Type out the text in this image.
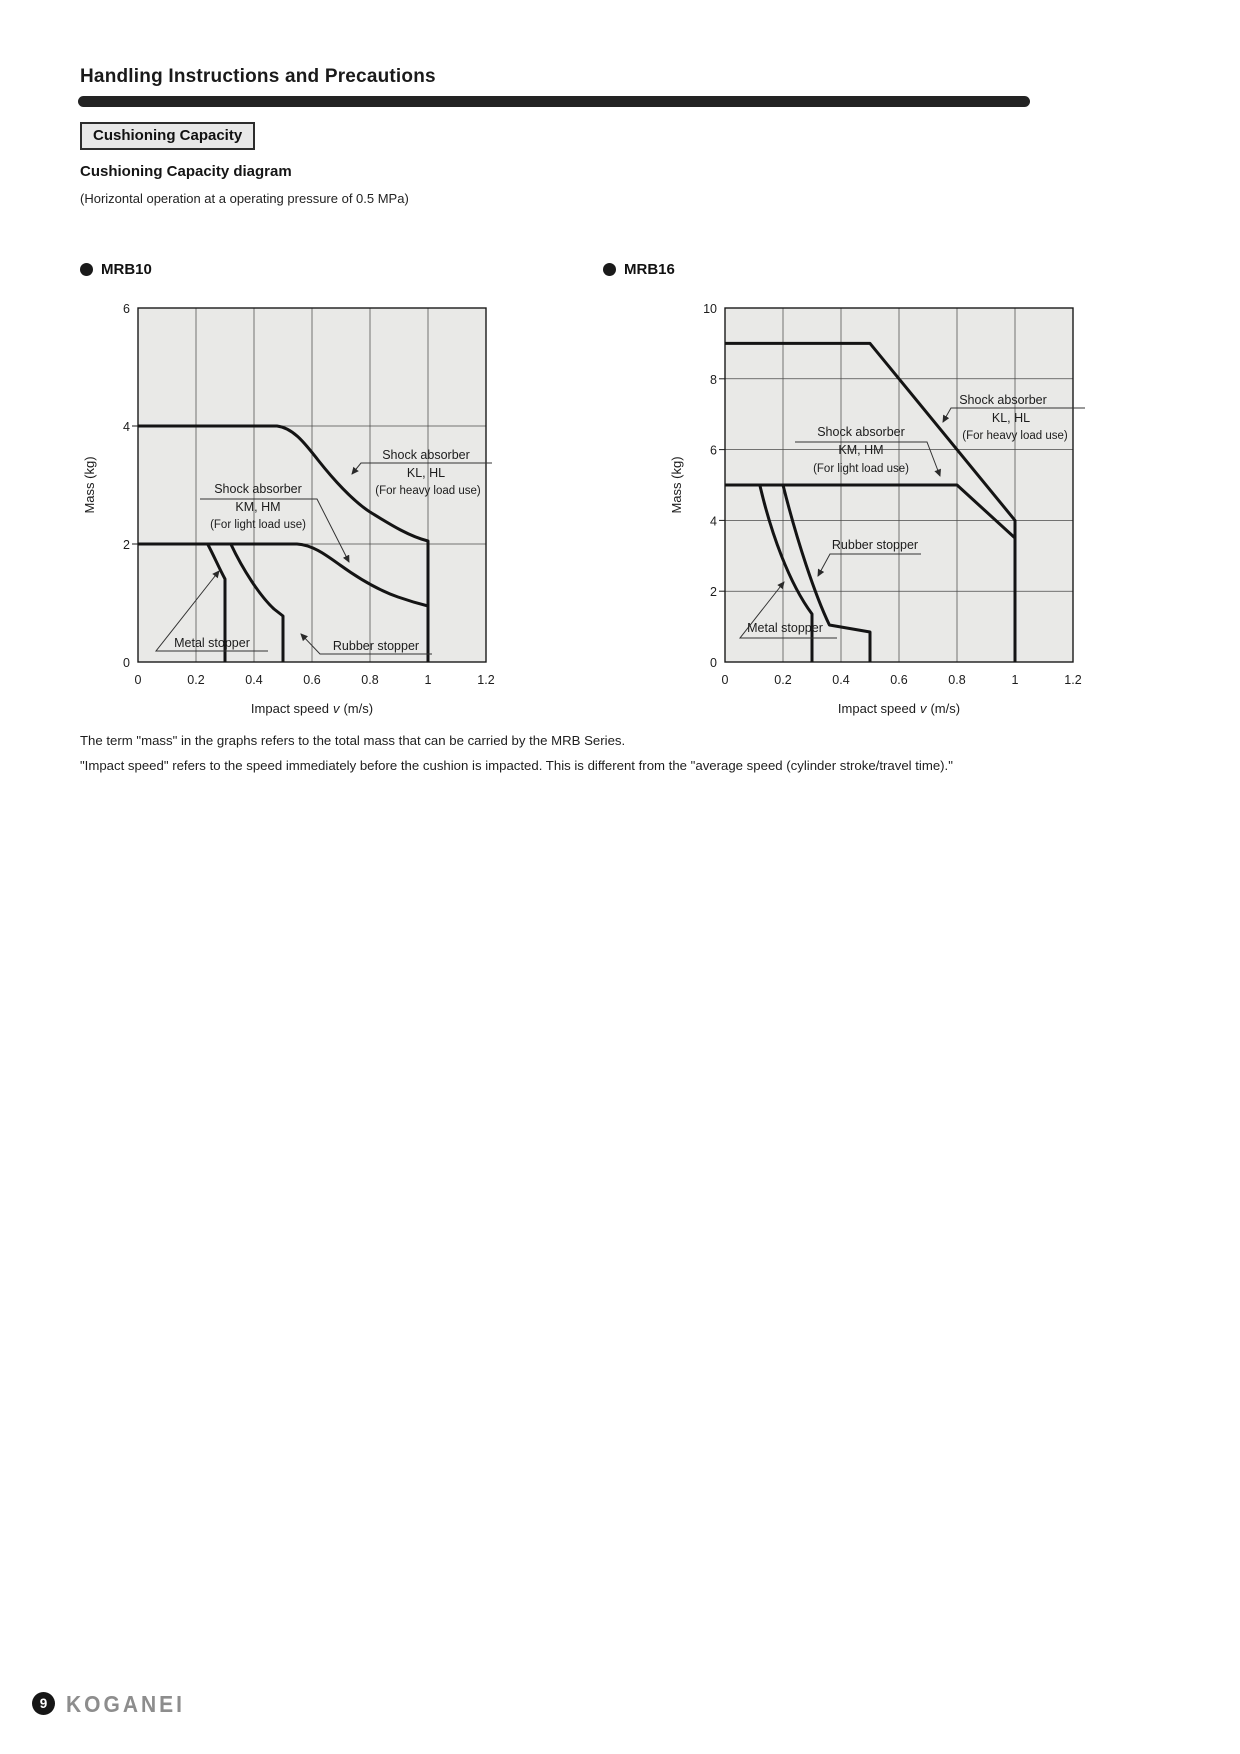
Handling Instructions and Precautions
Cushioning Capacity
Cushioning Capacity diagram
(Horizontal operation at a operating pressure of 0.5 MPa)
MRB10	MRB16
Shock absorber
KL, HL
(For heavy load use)
Shock absorber
KM, HM
(For light load use)
Metal stopper	Rubber stopper
6
4
2
0
Mass (kg)
0	0.2	0.4	0.6	0.8	1	1.2
Impact speed v (m/s)
Shock absorber
KL, HL
(For heavy load use)
Shock absorber
KM, HM
(For light load use)
Metal stopper
Rubber stopper
10
8
6
4
2
0
Mass (kg)
0	0.2	0.4	0.6	0.8	1	1.2
Impact speed v (m/s)
The term "mass" in the graphs refers to the total mass that can be carried by the MRB Series.
"Impact speed" refers to the speed immediately before the cushion is impacted. This is different from the "average speed (cylinder stroke/travel time)."
9 KOGANEI
